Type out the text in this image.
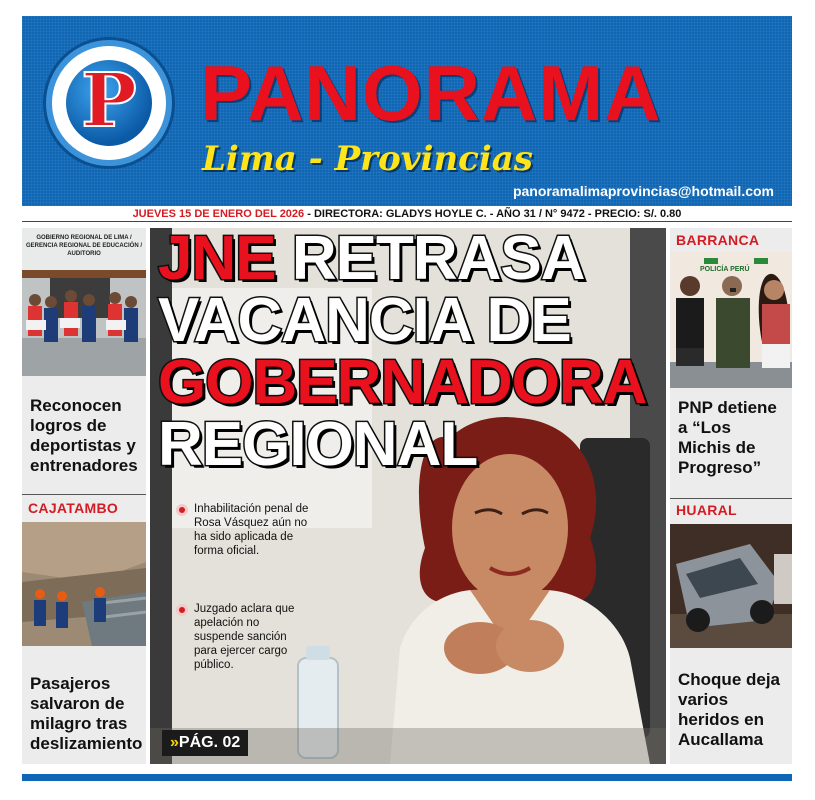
P PANORAMA
Lima - Provincias
panoramalimaprovincias@hotmail.com
JUEVES 15 DE ENERO DEL 2026 - DIRECTORA: GLADYS HOYLE C. - AÑO 31 / N° 9472 - PRECIO: S/. 0.80
GOBIERNO REGIONAL DE LIMA / GERENCIA REGIONAL DE EDUCACIÓN / AUDITORIO
Reconocen logros de deportistas y entrenadores
CAJATAMBO
Pasajeros salvaron de milagro tras deslizamiento
JNE RETRASA
VACANCIA DE
GOBERNADORA
REGIONAL
Inhabilitación penal de Rosa Vásquez aún no ha sido aplicada de forma oficial.
Juzgado aclara que apelación no suspende sanción para ejercer cargo público.
»PÁG. 02
BARRANCA
POLICÍA PERÚ
PNP detiene a “Los Michis de Progreso”
HUARAL
Choque deja varios heridos en Aucallama
